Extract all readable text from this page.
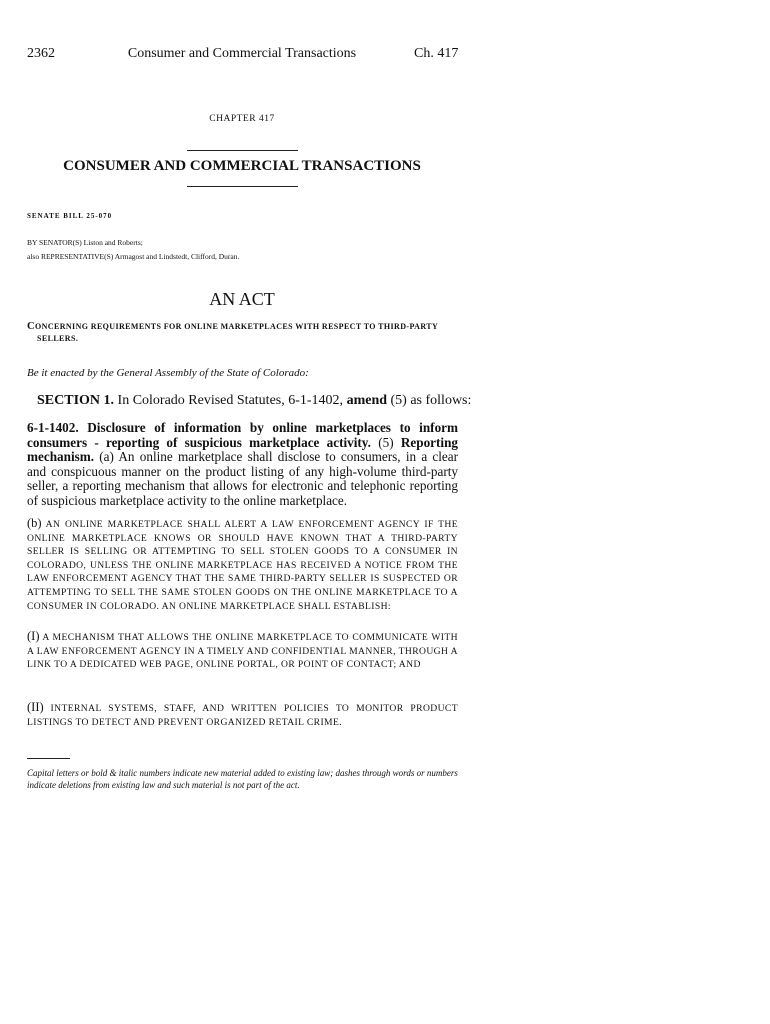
2362	Consumer and Commercial Transactions	Ch. 417
CHAPTER 417
CONSUMER AND COMMERCIAL TRANSACTIONS
SENATE BILL 25-070
BY SENATOR(S) Liston and Roberts;
also REPRESENTATIVE(S) Armagost and Lindstedt, Clifford, Duran.
AN ACT
CONCERNING REQUIREMENTS FOR ONLINE MARKETPLACES WITH RESPECT TO THIRD-PARTY
SELLERS.
Be it enacted by the General Assembly of the State of Colorado:
SECTION 1. In Colorado Revised Statutes, 6-1-1402, amend (5) as follows:
6-1-1402. Disclosure of information by online marketplaces to inform consumers - reporting of suspicious marketplace activity. (5) Reporting mechanism. (a) An online marketplace shall disclose to consumers, in a clear and conspicuous manner on the product listing of any high-volume third-party seller, a reporting mechanism that allows for electronic and telephonic reporting of suspicious marketplace activity to the online marketplace.
(b) AN ONLINE MARKETPLACE SHALL ALERT A LAW ENFORCEMENT AGENCY IF THE ONLINE MARKETPLACE KNOWS OR SHOULD HAVE KNOWN THAT A THIRD-PARTY SELLER IS SELLING OR ATTEMPTING TO SELL STOLEN GOODS TO A CONSUMER IN COLORADO, UNLESS THE ONLINE MARKETPLACE HAS RECEIVED A NOTICE FROM THE LAW ENFORCEMENT AGENCY THAT THE SAME THIRD-PARTY SELLER IS SUSPECTED OR ATTEMPTING TO SELL THE SAME STOLEN GOODS ON THE ONLINE MARKETPLACE TO A CONSUMER IN COLORADO. AN ONLINE MARKETPLACE SHALL ESTABLISH:
(I) A MECHANISM THAT ALLOWS THE ONLINE MARKETPLACE TO COMMUNICATE WITH A LAW ENFORCEMENT AGENCY IN A TIMELY AND CONFIDENTIAL MANNER, THROUGH A LINK TO A DEDICATED WEB PAGE, ONLINE PORTAL, OR POINT OF CONTACT; AND
(II) INTERNAL SYSTEMS, STAFF, AND WRITTEN POLICIES TO MONITOR PRODUCT LISTINGS TO DETECT AND PREVENT ORGANIZED RETAIL CRIME.
Capital letters or bold & italic numbers indicate new material added to existing law; dashes through words or numbers indicate deletions from existing law and such material is not part of the act.
